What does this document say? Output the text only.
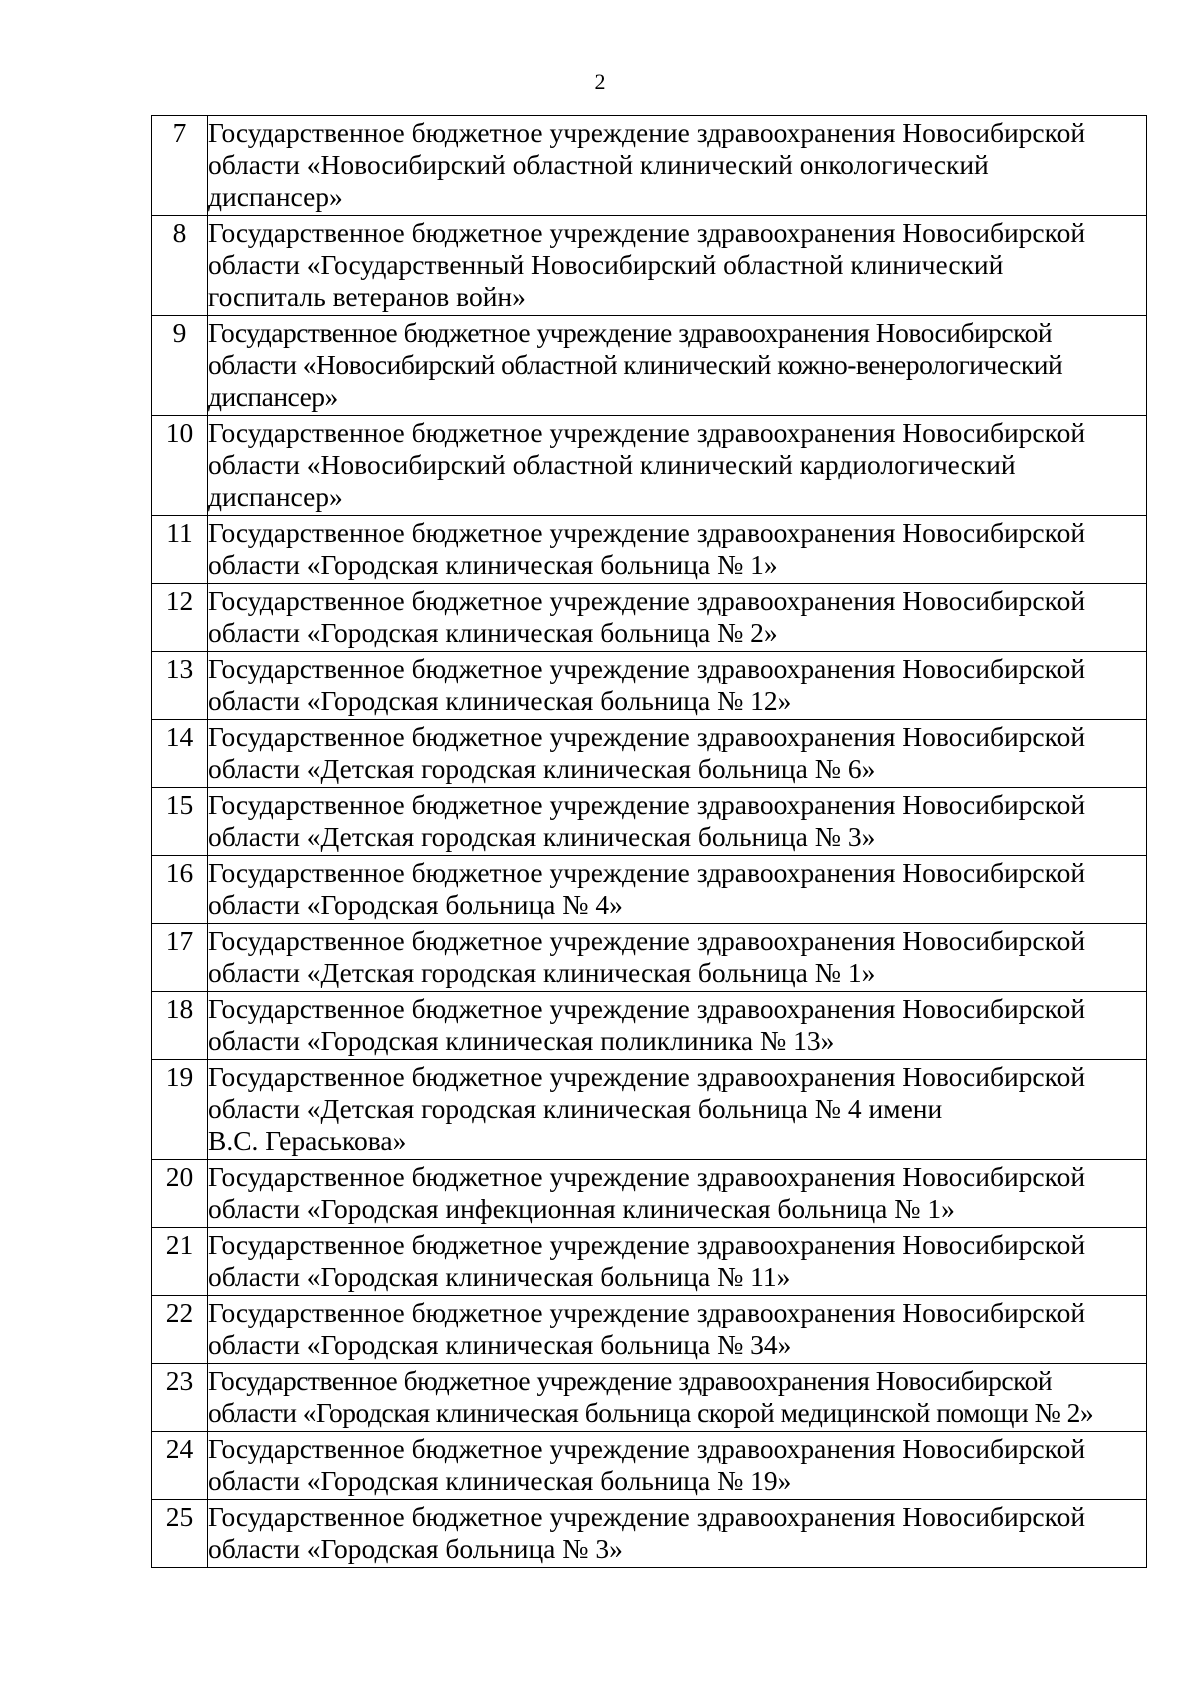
2
7	Государственное бюджетное учреждение здравоохранения Новосибирской
области «Новосибирский областной клинический онкологический
диспансер»
8	Государственное бюджетное учреждение здравоохранения Новосибирской
области «Государственный Новосибирский областной клинический
госпиталь ветеранов войн»
9	Государственное бюджетное учреждение здравоохранения Новосибирской
области «Новосибирский областной клинический кожно-венерологический
диспансер»
10	Государственное бюджетное учреждение здравоохранения Новосибирской
области «Новосибирский областной клинический кардиологический
диспансер»
11	Государственное бюджетное учреждение здравоохранения Новосибирской
области «Городская клиническая больница № 1»
12	Государственное бюджетное учреждение здравоохранения Новосибирской
области «Городская клиническая больница № 2»
13	Государственное бюджетное учреждение здравоохранения Новосибирской
области «Городская клиническая больница № 12»
14	Государственное бюджетное учреждение здравоохранения Новосибирской
области «Детская городская клиническая больница № 6»
15	Государственное бюджетное учреждение здравоохранения Новосибирской
области «Детская городская клиническая больница № 3»
16	Государственное бюджетное учреждение здравоохранения Новосибирской
области «Городская больница № 4»
17	Государственное бюджетное учреждение здравоохранения Новосибирской
области «Детская городская клиническая больница № 1»
18	Государственное бюджетное учреждение здравоохранения Новосибирской
области «Городская клиническая поликлиника № 13»
19	Государственное бюджетное учреждение здравоохранения Новосибирской
области «Детская городская клиническая больница № 4 имени
В.С. Гераськова»
20	Государственное бюджетное учреждение здравоохранения Новосибирской
области «Городская инфекционная клиническая больница № 1»
21	Государственное бюджетное учреждение здравоохранения Новосибирской
области «Городская клиническая больница № 11»
22	Государственное бюджетное учреждение здравоохранения Новосибирской
области «Городская клиническая больница № 34»
23	Государственное бюджетное учреждение здравоохранения Новосибирской
области «Городская клиническая больница скорой медицинской помощи № 2»
24	Государственное бюджетное учреждение здравоохранения Новосибирской
области «Городская клиническая больница № 19»
25	Государственное бюджетное учреждение здравоохранения Новосибирской
области «Городская больница № 3»
